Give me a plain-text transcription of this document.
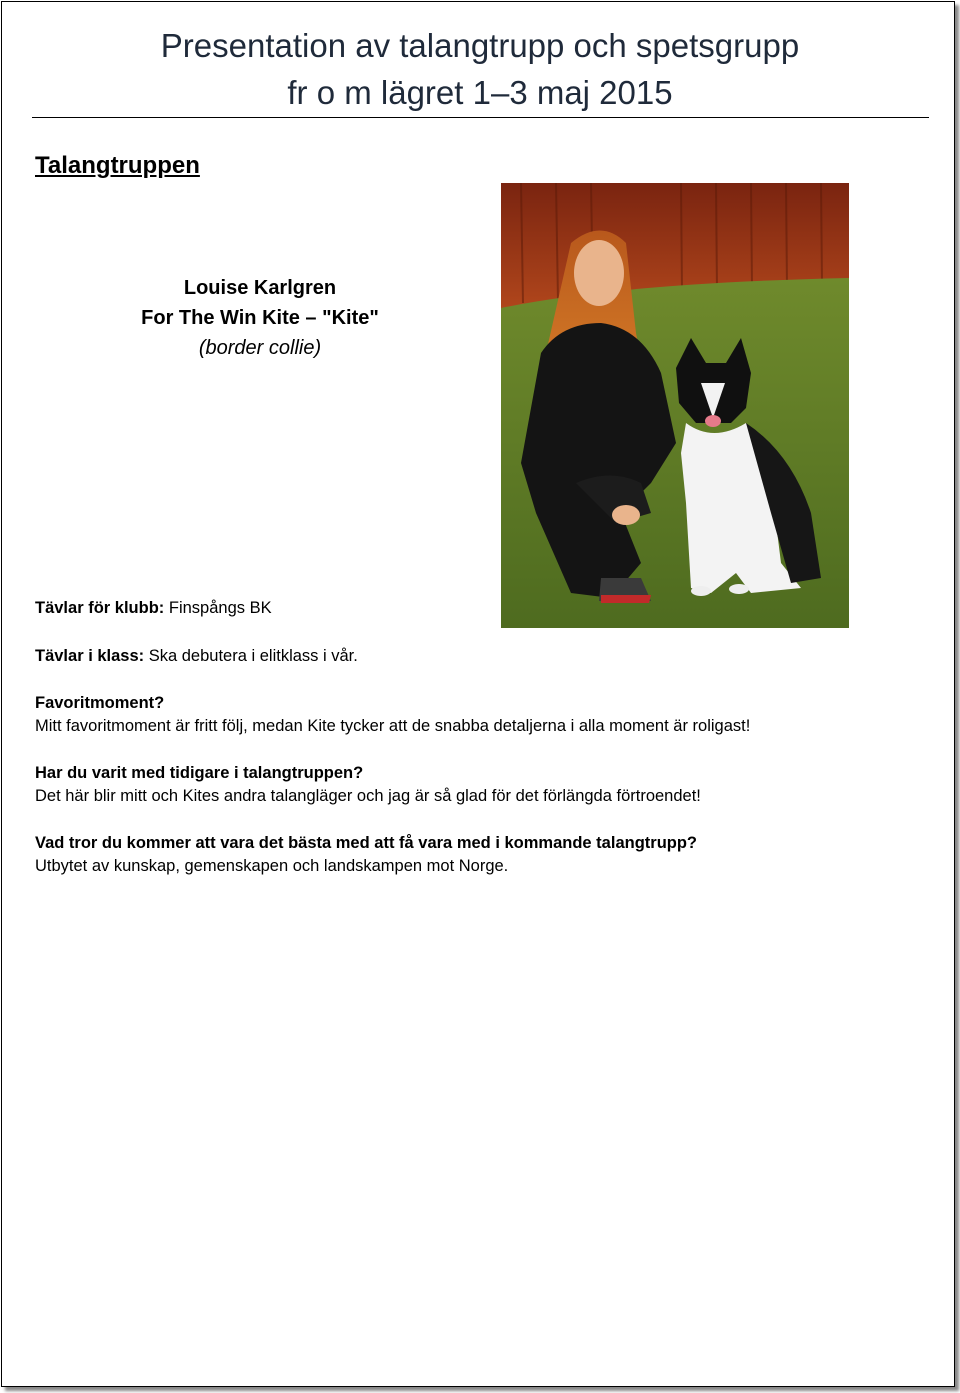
Presentation av talangtrupp och spetsgrupp
fr o m lägret 1–3 maj 2015
Talangtruppen
Louise Karlgren
For The Win Kite – "Kite"
(border collie)
Tävlar för klubb: Finspångs BK
Tävlar i klass: Ska debutera i elitklass i vår.
Favoritmoment?
Mitt favoritmoment är fritt följ, medan Kite tycker att de snabba detaljerna i alla moment är roligast!
Har du varit med tidigare i talangtruppen?
Det här blir mitt och Kites andra talangläger och jag är så glad för det förlängda förtroendet!
Vad tror du kommer att vara det bästa med att få vara med i kommande talangtrupp?
Utbytet av kunskap, gemenskapen och landskampen mot Norge.
